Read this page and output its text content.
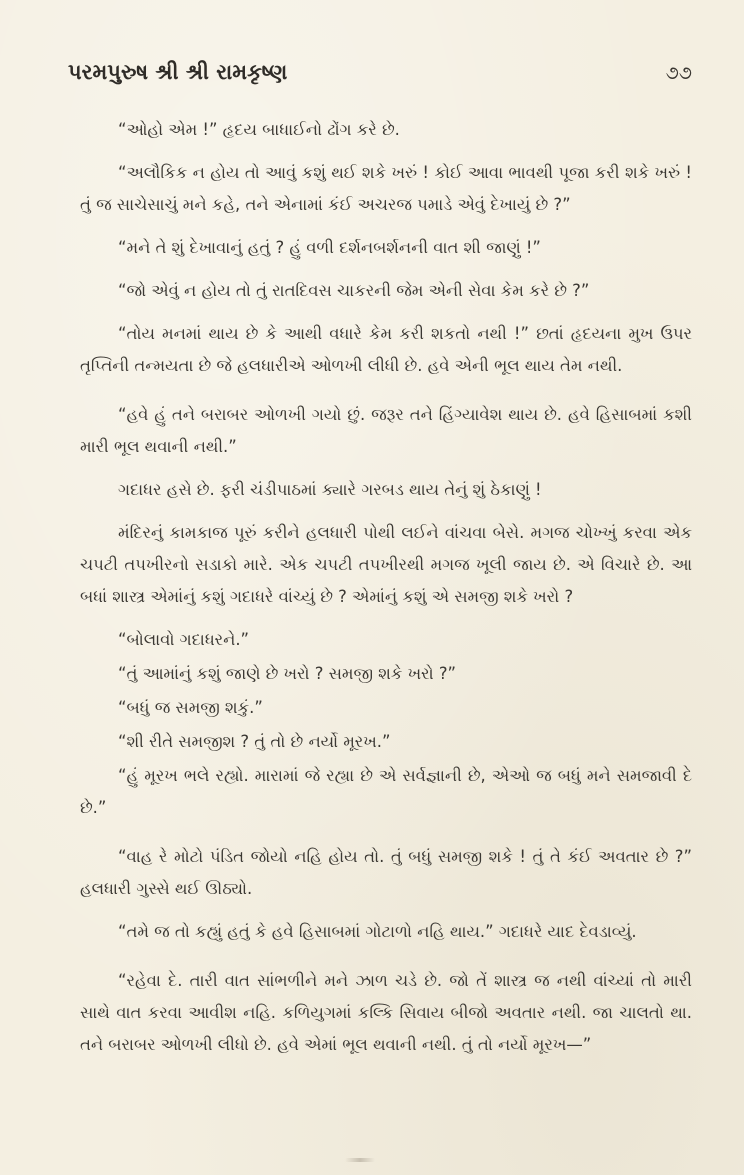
પરમપુરુષ શ્રી શ્રી રામકૃષ્ણ	૭૭

“ઓહો એમ !” હૃદય બાધાઈનો ઢોંગ કરે છે.

“અલૌકિક ન હોય તો આવું કશું થઈ શકે ખરું ! કોઈ આવા ભાવથી પૂજા કરી શકે ખરું ! તું જ સાચેસાચું મને કહે, તને એનામાં કંઈ અચરજ પમાડે એવું દેખાયું છે ?”

“મને તે શું દેખાવાનું હતું ? હું વળી દર્શનબર્શનની વાત શી જાણું !”

“જો એવું ન હોય તો તું રાતદિવસ ચાકરની જેમ એની સેવા કેમ કરે છે ?”

“તોય મનમાં થાય છે કે આથી વધારે કેમ કરી શકતો નથી !” છતાં હૃદયના મુખ ઉપર તૃપ્તિની તન્મયતા છે જે હલધારીએ ઓળખી લીધી છે. હવે એની ભૂલ થાય તેમ નથી.

“હવે હું તને બરાબર ઓળખી ગયો છું. જરૂર તને હિંગ્યાવેશ થાય છે. હવે હિસાબમાં કશી મારી ભૂલ થવાની નથી.”

ગદાધર હસે છે. ફરી ચંડીપાઠમાં ક્યારે ગરબડ થાય તેનું શું ઠેકાણું !

મંદિરનું કામકાજ પૂરું કરીને હલધારી પોથી લઈને વાંચવા બેસે. મગજ ચોખ્ખું કરવા એક ચપટી તપખીરનો સડાકો મારે. એક ચપટી તપખીરથી મગજ ખૂલી જાય છે. એ વિચારે છે. આ બધાં શાસ્ત્ર એમાંનું કશું ગદાધરે વાંચ્યું છે ? એમાંનું કશું એ સમજી શકે ખરો ?

“બોલાવો ગદાધરને.”

“તું આમાંનું કશું જાણે છે ખરો ? સમજી શકે ખરો ?”

“બધું જ સમજી શકું.”

“શી રીતે સમજીશ ? તું તો છે નર્યો મૂરખ.”

“હું મૂરખ ભલે રહ્યો. મારામાં જે રહ્યા છે એ સર્વજ્ઞાની છે, એઓ જ બધું મને સમજાવી દે છે.”

“વાહ રે મોટો પંડિત જોયો નહિ હોય તો. તું બધું સમજી શકે ! તું તે કંઈ અવતાર છે ?” હલધારી ગુસ્સે થઈ ઊઠ્યો.

“તમે જ તો કહ્યું હતું કે હવે હિસાબમાં ગોટાળો નહિ થાય.” ગદાધરે યાદ દેવડાવ્યું.

“રહેવા દે. તારી વાત સાંભળીને મને ઝાળ ચડે છે. જો તેં શાસ્ત્ર જ નથી વાંચ્યાં તો મારી સાથે વાત કરવા આવીશ નહિ. કળિયુગમાં કલ્કિ સિવાય બીજો અવતાર નથી. જા ચાલતો થા. તને બરાબર ઓળખી લીધો છે. હવે એમાં ભૂલ થવાની નથી. તું તો નર્યો મૂરખ—”
